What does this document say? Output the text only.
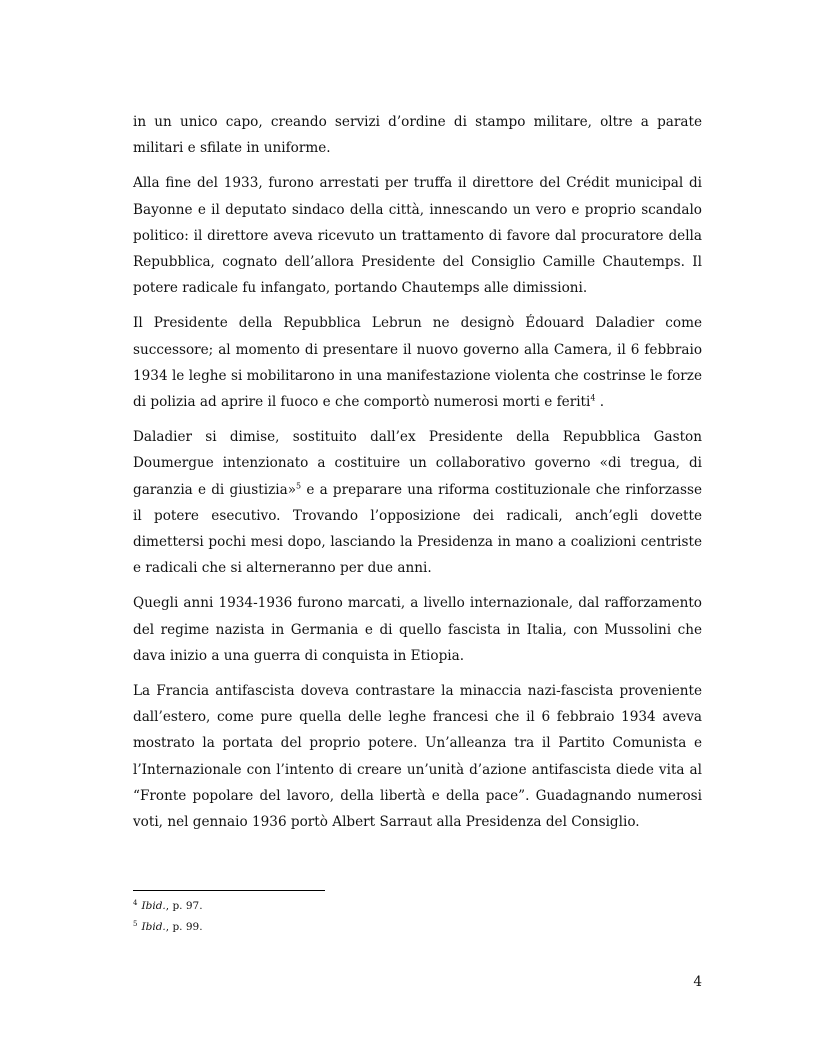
in un unico capo, creando servizi d’ordine di stampo militare, oltre a parate militari e sfilate in uniforme.

Alla fine del 1933, furono arrestati per truffa il direttore del Crédit municipal di Bayonne e il deputato sindaco della città, innescando un vero e proprio scandalo politico: il direttore aveva ricevuto un trattamento di favore dal procuratore della Repubblica, cognato dell’allora Presidente del Consiglio Camille Chautemps. Il potere radicale fu infangato, portando Chautemps alle dimissioni.

Il Presidente della Repubblica Lebrun ne designò Édouard Daladier come successore; al momento di presentare il nuovo governo alla Camera, il 6 febbraio 1934 le leghe si mobilitarono in una manifestazione violenta che costrinse le forze di polizia ad aprire il fuoco e che comportò numerosi morti e feriti$^4$ .

Daladier si dimise, sostituito dall’ex Presidente della Repubblica Gaston Doumergue intenzionato a costituire un collaborativo governo «di tregua, di garanzia e di giustizia»$^5$ e a preparare una riforma costituzionale che rinforzasse il potere esecutivo. Trovando l’opposizione dei radicali, anch’egli dovette dimettersi pochi mesi dopo, lasciando la Presidenza in mano a coalizioni centriste e radicali che si alterneranno per due anni.

Quegli anni 1934-1936 furono marcati, a livello internazionale, dal rafforzamento del regime nazista in Germania e di quello fascista in Italia, con Mussolini che dava inizio a una guerra di conquista in Etiopia.

La Francia antifascista doveva contrastare la minaccia nazi-fascista proveniente dall’estero, come pure quella delle leghe francesi che il 6 febbraio 1934 aveva mostrato la portata del proprio potere. Un’alleanza tra il Partito Comunista e l’Internazionale con l’intento di creare un’unità d’azione antifascista diede vita al “Fronte popolare del lavoro, della libertà e della pace”. Guadagnando numerosi voti, nel gennaio 1936 portò Albert Sarraut alla Presidenza del Consiglio.

$^4$ Ibid., p. 97.
$^5$ Ibid., p. 99.
4
